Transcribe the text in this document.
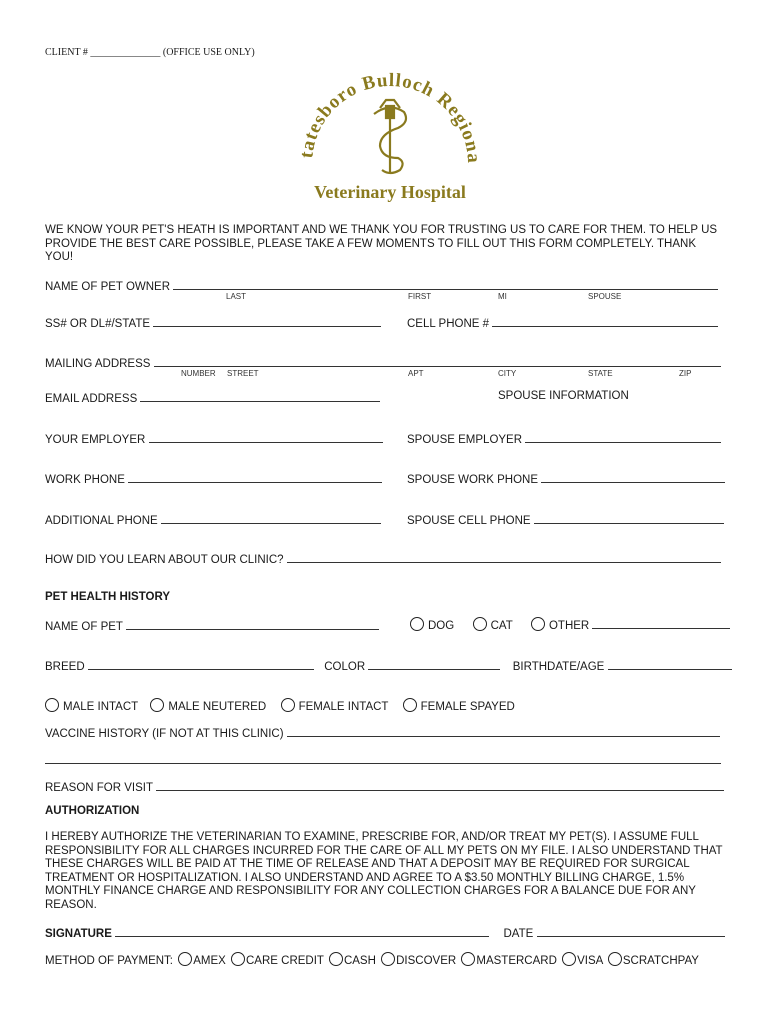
CLIENT # ______________ (OFFICE USE ONLY)
tatesboro Bulloch Regiona
Veterinary Hospital
WE KNOW YOUR PET'S HEATH IS IMPORTANT AND WE THANK YOU FOR TRUSTING US TO CARE FOR THEM. TO HELP US PROVIDE THE BEST CARE POSSIBLE, PLEASE TAKE A FEW MOMENTS TO FILL OUT THIS FORM COMPLETELY. THANK YOU!
NAME OF PET OWNER
LAST	FIRST	MI	SPOUSE
SS# OR DL#/STATE	CELL PHONE #
MAILING ADDRESS
NUMBER STREET	APT	CITY	STATE	ZIP
EMAIL ADDRESS	SPOUSE INFORMATION
YOUR EMPLOYER	SPOUSE EMPLOYER
WORK PHONE	SPOUSE WORK PHONE
ADDITIONAL PHONE	SPOUSE CELL PHONE
HOW DID YOU LEARN ABOUT OUR CLINIC?
PET HEALTH HISTORY
NAME OF PET	DOG	CAT	OTHER
BREED	COLOR	BIRTHDATE/AGE
MALE INTACT	MALE NEUTERED	FEMALE INTACT	FEMALE SPAYED
VACCINE HISTORY (IF NOT AT THIS CLINIC)
REASON FOR VISIT
AUTHORIZATION
I HEREBY AUTHORIZE THE VETERINARIAN TO EXAMINE, PRESCRIBE FOR, AND/OR TREAT MY PET(S). I ASSUME FULL RESPONSIBILITY FOR ALL CHARGES INCURRED FOR THE CARE OF ALL MY PETS ON MY FILE. I ALSO UNDERSTAND THAT THESE CHARGES WILL BE PAID AT THE TIME OF RELEASE AND THAT A DEPOSIT MAY BE REQUIRED FOR SURGICAL TREATMENT OR HOSPITALIZATION. I ALSO UNDERSTAND AND AGREE TO A $3.50 MONTHLY BILLING CHARGE, 1.5% MONTHLY FINANCE CHARGE AND RESPONSIBILITY FOR ANY COLLECTION CHARGES FOR A BALANCE DUE FOR ANY REASON.
SIGNATURE	DATE
METHOD OF PAYMENT: AMEX CARE CREDIT CASH DISCOVER MASTERCARD VISA SCRATCHPAY
